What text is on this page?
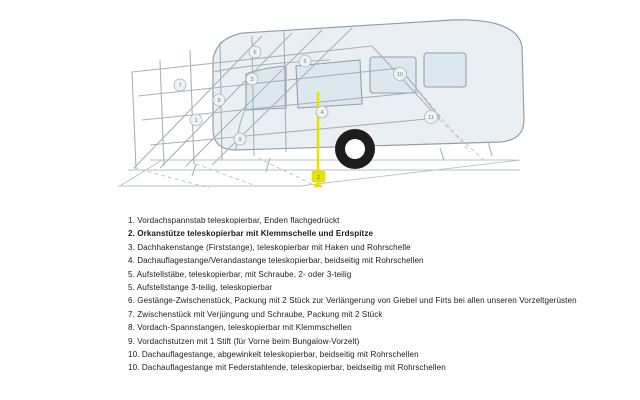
1
2
3
4
5
6
7
8
9
10
11
1. Vordachspannstab teleskopierbar, Enden flachgedrückt
2. Orkanstütze teleskopierbar mit Klemmschelle und Erdspitze
3. Dachhakenstange (Firststange), teleskopierbar mit Haken und Rohrschelle
4. Dachauflagestange/Verandastange teleskopierbar, beidseitig mit Rohrschellen
5. Aufstellstäbe, teleskopierbar, mit Schraube, 2- oder 3-teilig
5. Aufstellstange 3-teilig, teleskopierbar
6. Gestänge-Zwischenstück, Packung mit 2 Stück zur Verlängerung von Giebel und Firts bei allen unseren Vorzeltgerüsten
7. Zwischenstück mit Verjüngung und Schraube, Packung mit 2 Stück
8. Vordach-Spannstangen, teleskopierbar mit Klemmschellen
9. Vordachstutzen mit 1 Stift (für Vorne beim Bungalow-Vorzelt)
10. Dachauflagestange, abgewinkelt teleskopierbar, beidseitig mit Rohrschellen
10. Dachauflagestange mit Federstahlende, teleskopierbar, beidseitig mit Rohrschellen
